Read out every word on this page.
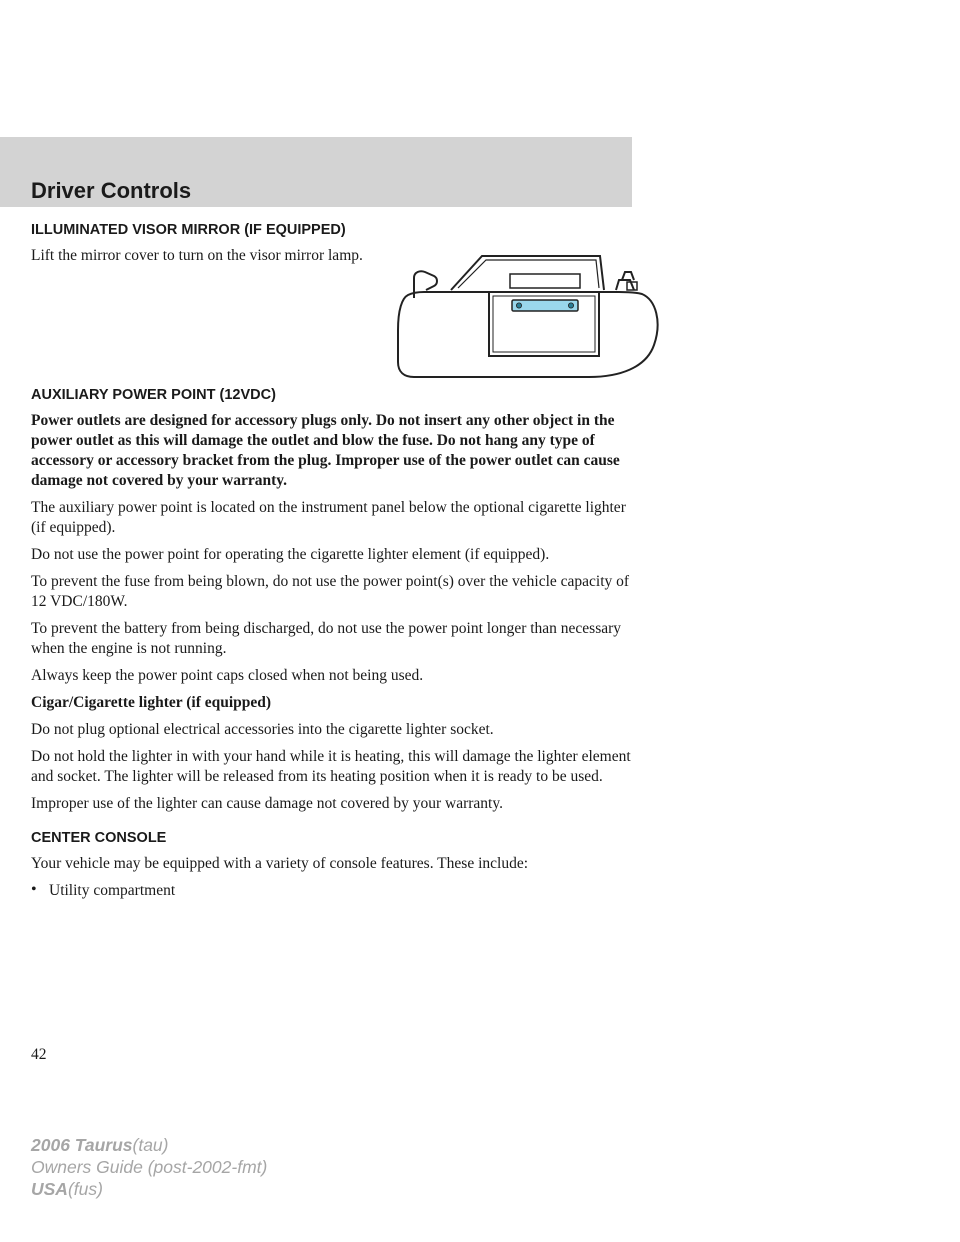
Driver Controls
ILLUMINATED VISOR MIRROR (IF EQUIPPED)

Lift the mirror cover to turn on the visor mirror lamp.

AUXILIARY POWER POINT (12VDC)

Power outlets are designed for accessory plugs only. Do not insert any other object in the power outlet as this will damage the outlet and blow the fuse. Do not hang any type of accessory or accessory bracket from the plug. Improper use of the power outlet can cause damage not covered by your warranty.

The auxiliary power point is located on the instrument panel below the optional cigarette lighter (if equipped).

Do not use the power point for operating the cigarette lighter element (if equipped).

To prevent the fuse from being blown, do not use the power point(s) over the vehicle capacity of 12 VDC/180W.

To prevent the battery from being discharged, do not use the power point longer than necessary when the engine is not running.

Always keep the power point caps closed when not being used.

Cigar/Cigarette lighter (if equipped)

Do not plug optional electrical accessories into the cigarette lighter socket.

Do not hold the lighter in with your hand while it is heating, this will damage the lighter element and socket. The lighter will be released from its heating position when it is ready to be used.

Improper use of the lighter can cause damage not covered by your warranty.

CENTER CONSOLE

Your vehicle may be equipped with a variety of console features. These include:

• Utility compartment

42

2006 Taurus(tau)
Owners Guide (post-2002-fmt)
USA(fus)
